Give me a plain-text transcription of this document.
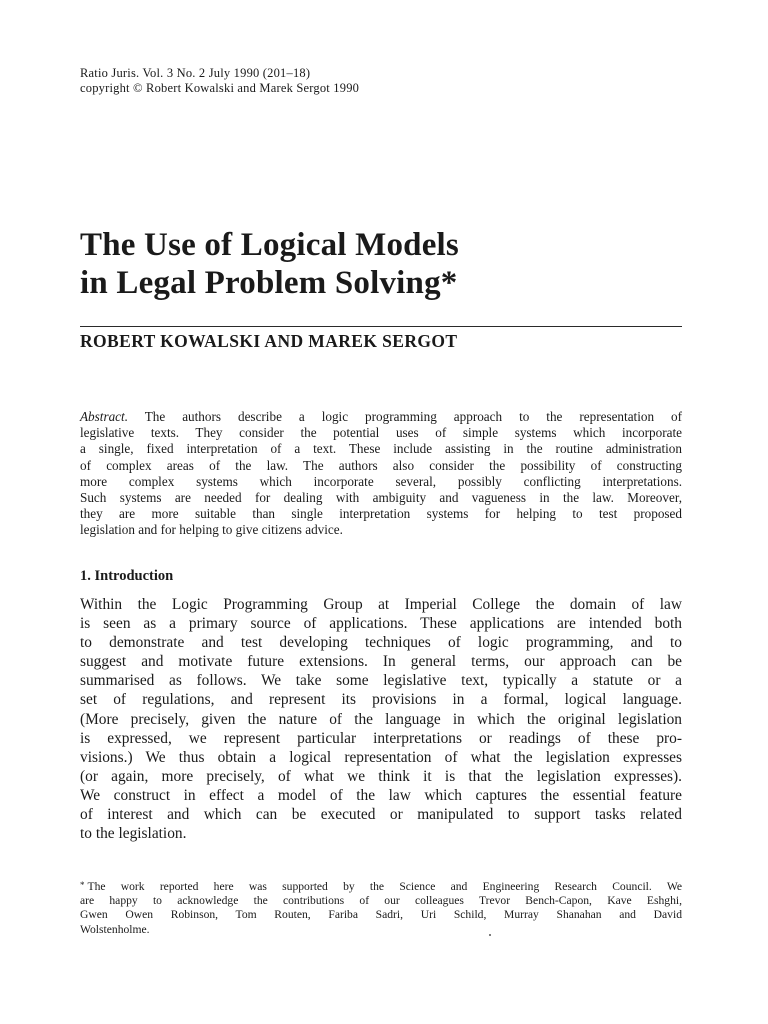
Ratio Juris. Vol. 3 No. 2 July 1990 (201–18)
copyright © Robert Kowalski and Marek Sergot 1990
The Use of Logical Models
in Legal Problem Solving*
ROBERT KOWALSKI AND MAREK SERGOT
Abstract. The authors describe a logic programming approach to the representation of
legislative texts. They consider the potential uses of simple systems which incorporate
a single, fixed interpretation of a text. These include assisting in the routine administration
of complex areas of the law. The authors also consider the possibility of constructing
more complex systems which incorporate several, possibly conflicting interpretations.
Such systems are needed for dealing with ambiguity and vagueness in the law. Moreover,
they are more suitable than single interpretation systems for helping to test proposed
legislation and for helping to give citizens advice.
1. Introduction
Within the Logic Programming Group at Imperial College the domain of law
is seen as a primary source of applications. These applications are intended both
to demonstrate and test developing techniques of logic programming, and to
suggest and motivate future extensions. In general terms, our approach can be
summarised as follows. We take some legislative text, typically a statute or a
set of regulations, and represent its provisions in a formal, logical language.
(More precisely, given the nature of the language in which the original legislation
is expressed, we represent particular interpretations or readings of these pro-
visions.) We thus obtain a logical representation of what the legislation expresses
(or again, more precisely, of what we think it is that the legislation expresses).
We construct in effect a model of the law which captures the essential feature
of interest and which can be executed or manipulated to support tasks related
to the legislation.
* The work reported here was supported by the Science and Engineering Research Council. We
are happy to acknowledge the contributions of our colleagues Trevor Bench-Capon, Kave Eshghi,
Gwen Owen Robinson, Tom Routen, Fariba Sadri, Uri Schild, Murray Shanahan and David
Wolstenholme.
